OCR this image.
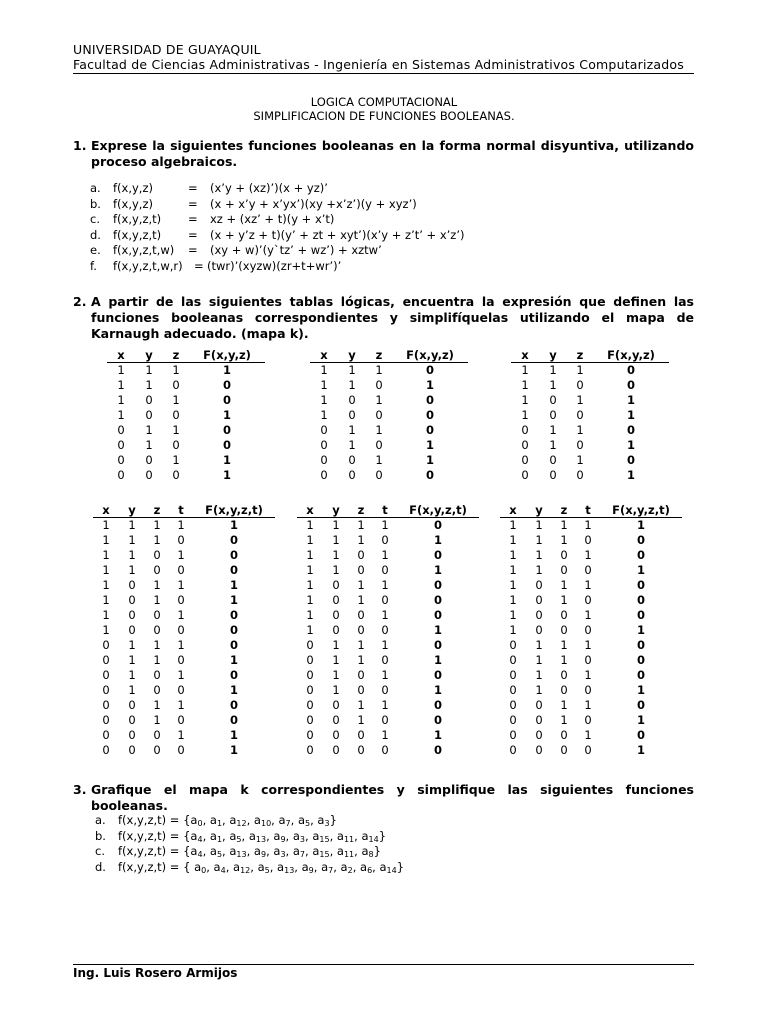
UNIVERSIDAD DE GUAYAQUIL
Facultad de Ciencias Administrativas - Ingeniería en Sistemas Administrativos Computarizados
LOGICA COMPUTACIONAL
SIMPLIFICACION DE FUNCIONES BOOLEANAS.
1. Exprese la siguientes funciones booleanas en la forma normal disyuntiva, utilizando proceso algebraicos.
a. f(x,y,z)	= (x’y + (xz)’)(x + yz)’
b. f(x,y,z)	= (x + x’y + x’yx’)(xy +x’z’)(y + xyz’)
c. f(x,y,z,t) = xz + (xz’ + t)(y + x’t)
d. f(x,y,z,t) = (x + y’z + t)(y’ + zt + xyt’)(x’y + z’t’ + x’z’)
e. f(x,y,z,t,w) = (xy + w)’(y`tz’ + wz’) + xztw’
f. f(x,y,z,t,w,r) = (twr)’(xyzw)(zr+t+wr’)’
2. A partir de las siguientes tablas lógicas, encuentra la expresión que definen las funciones booleanas correspondientes y simplifíquelas utilizando el mapa de Karnaugh adecuado. (mapa k).
x	y	z	F(x,y,z)
1	1	1	1
1	1	0	0
1	0	1	0
1	0	0	1
0	1	1	0
0	1	0	0
0	0	1	1
0	0	0	1
x	y	z	F(x,y,z)
1	1	1	0
1	1	0	1
1	0	1	0
1	0	0	0
0	1	1	0
0	1	0	1
0	0	1	1
0	0	0	0
x	y	z	F(x,y,z)
1	1	1	0
1	1	0	0
1	0	1	1
1	0	0	1
0	1	1	0
0	1	0	1
0	0	1	0
0	0	0	1
x	y	z	t	F(x,y,z,t)
1	1	1	1	1
1	1	1	0	0
1	1	0	1	0
1	1	0	0	0
1	0	1	1	1
1	0	1	0	1
1	0	0	1	0
1	0	0	0	0
0	1	1	1	0
0	1	1	0	1
0	1	0	1	0
0	1	0	0	1
0	0	1	1	0
0	0	1	0	0
0	0	0	1	1
0	0	0	0	1
x	y	z	t	F(x,y,z,t)
1	1	1	1	0
1	1	1	0	1
1	1	0	1	0
1	1	0	0	1
1	0	1	1	0
1	0	1	0	0
1	0	0	1	0
1	0	0	0	1
0	1	1	1	0
0	1	1	0	1
0	1	0	1	0
0	1	0	0	1
0	0	1	1	0
0	0	1	0	0
0	0	0	1	1
0	0	0	0	0
x	y	z	t	F(x,y,z,t)
1	1	1	1	1
1	1	1	0	0
1	1	0	1	0
1	1	0	0	1
1	0	1	1	0
1	0	1	0	0
1	0	0	1	0
1	0	0	0	1
0	1	1	1	0
0	1	1	0	0
0	1	0	1	0
0	1	0	0	1
0	0	1	1	0
0	0	1	0	1
0	0	0	1	0
0	0	0	0	1
3. Grafique el mapa k correspondientes y simplifique las siguientes funciones booleanas.
a. $f(x,y,z,t) = \{a_0$, $a_1$, $a_{12}$, $a_{10}$, $a_7$, $a_5$, $a_3$}
b. $f(x,y,z,t) = \{a_4$, $a_1$, $a_5$, $a_{13}$, $a_9$, $a_3$, $a_{15}$, $a_{11}$, $a_{14}$}
c. $f(x,y,z,t) = \{a_4$, $a_5$, $a_{13}$, $a_9$, $a_3$, $a_7$, $a_{15}$, $a_{11}$, $a_8$}
d. f(x,y,z,t) = { $a_0$, $a_4$, $a_{12}$, $a_5$, $a_{13}$, $a_9$, $a_7$, $a_2$, $a_6$, $a_{14}$}
Ing. Luis Rosero Armijos
